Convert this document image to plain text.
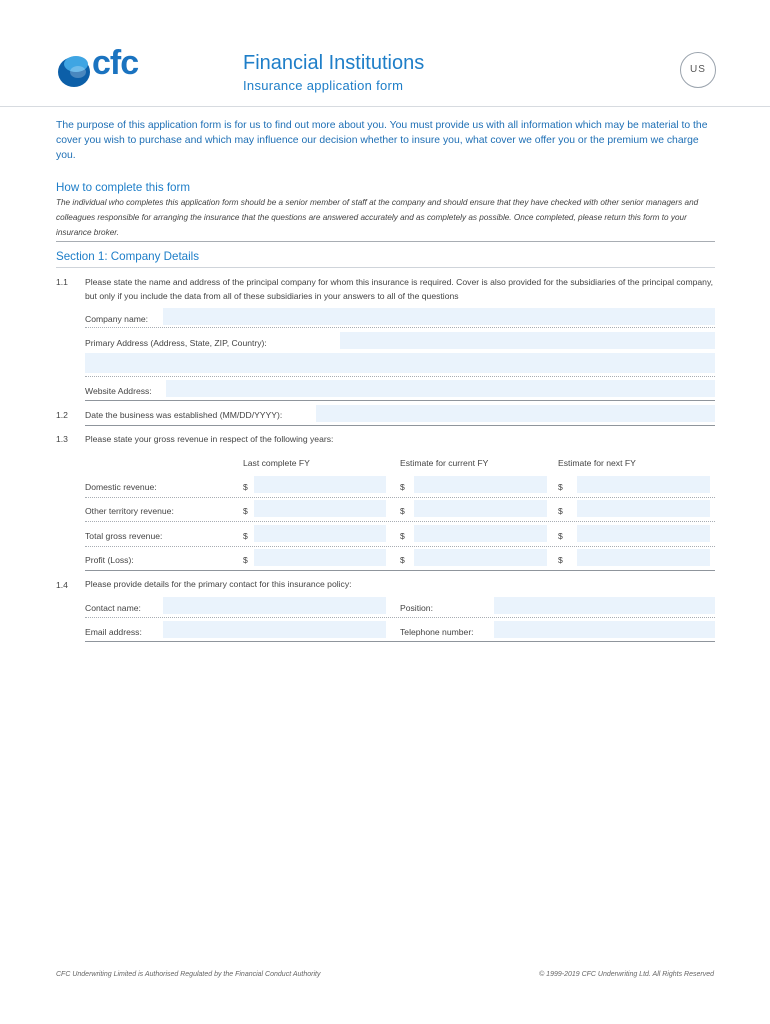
cfc	Financial Institutions
Insurance application form
US
The purpose of this application form is for us to find out more about you. You must provide us with all information which may be material to the cover you wish to purchase and which may influence our decision whether to insure you, what cover we offer you or the premium we charge you.
How to complete this form
The individual who completes this application form should be a senior member of staff at the company and should ensure that they have checked with other senior managers and colleagues responsible for arranging the insurance that the questions are answered accurately and as completely as possible. Once completed, please return this form to your insurance broker.
Section 1: Company Details
1.1 Please state the name and address of the principal company for whom this insurance is required. Cover is also provided for the subsidiaries of the principal company, but only if you include the data from all of these subsidiaries in your answers to all of the questions
Company name:
Primary Address (Address, State, ZIP, Country):
Website Address:
1.2 Date the business was established (MM/DD/YYYY):
1.3 Please state your gross revenue in respect of the following years:
Last complete FY	Estimate for current FY	Estimate for next FY
Domestic revenue:	$	$	$
Other territory revenue:	$	$	$
Total gross revenue:	$	$	$
Profit (Loss):	$	$	$
1.4 Please provide details for the primary contact for this insurance policy:
Contact name:	Position:
Email address:	Telephone number:
CFC Underwriting Limited is Authorised Regulated by the Financial Conduct Authority	© 1999-2019 CFC Underwriting Ltd. All Rights Reserved
